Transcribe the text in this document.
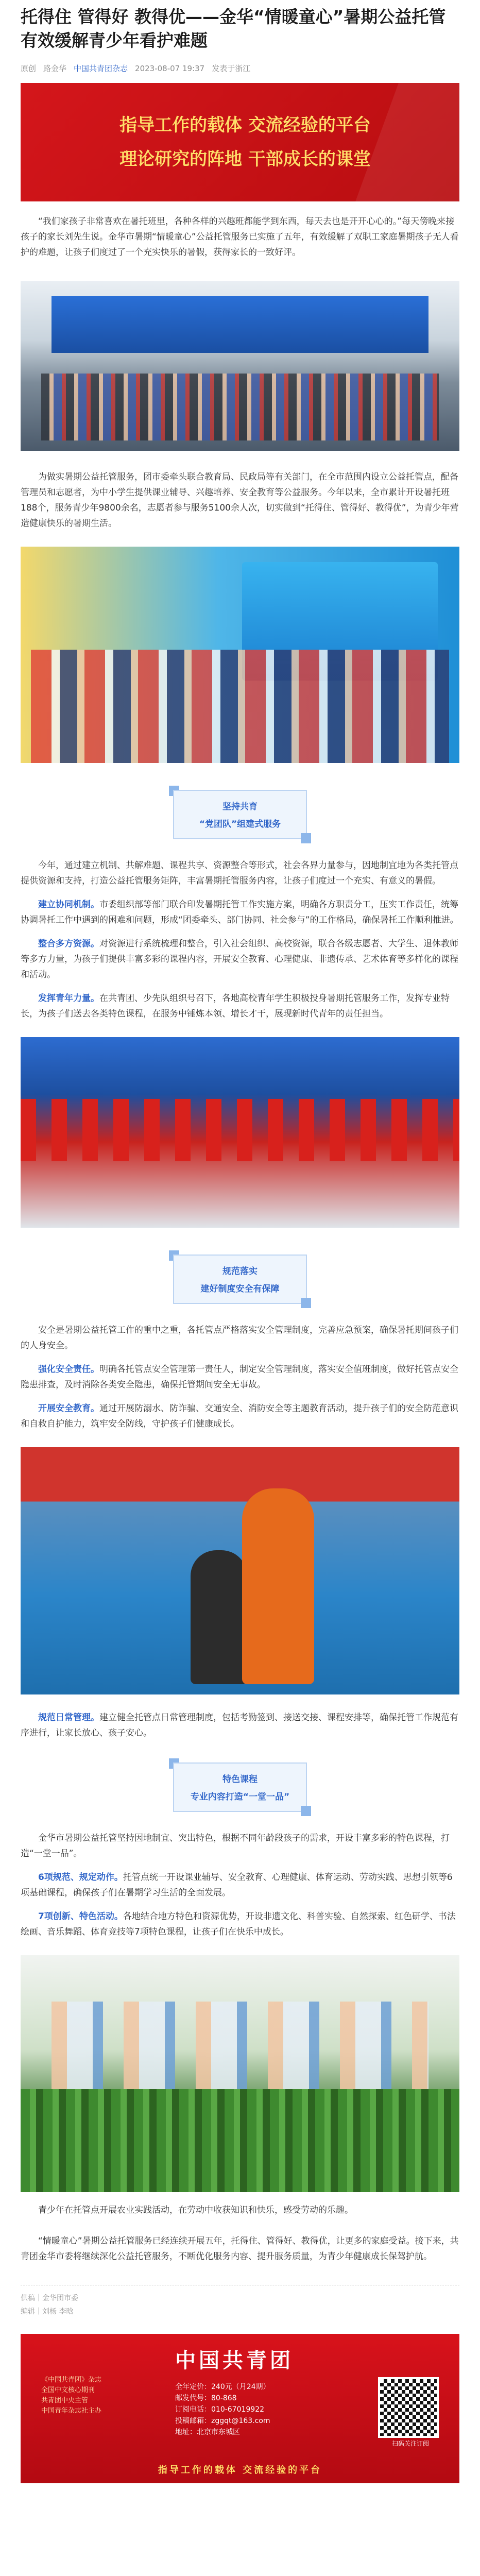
托得住 管得好 教得优——金华“情暖童心”暑期公益托管有效缓解青少年看护难题
原创 路金华 中国共青团杂志 2023-08-07 19:37 发表于浙江
指导工作的载体 交流经验的平台
理论研究的阵地 干部成长的课堂

“我们家孩子非常喜欢在暑托班里，各种各样的兴趣班都能学到东西，每天去也是开开心心的。”每天傍晚来接孩子的家长刘先生说。金华市暑期“情暖童心”公益托管服务已实施了五年，有效缓解了双职工家庭暑期孩子无人看护的难题，让孩子们度过了一个充实快乐的暑假，获得家长的一致好评。

为做实暑期公益托管服务，团市委牵头联合教育局、民政局等有关部门，在全市范围内设立公益托管点，配备管理员和志愿者，为中小学生提供课业辅导、兴趣培养、安全教育等公益服务。今年以来，全市累计开设暑托班188个，服务青少年9800余名，志愿者参与服务5100余人次，切实做到“托得住、管得好、教得优”，为青少年营造健康快乐的暑期生活。

坚持共育
“党团队”组建式服务

今年，通过建立机制、共解难题、课程共享、资源整合等形式，社会各界力量参与，因地制宜地为各类托管点提供资源和支持，打造公益托管服务矩阵，丰富暑期托管服务内容，让孩子们度过一个充实、有意义的暑假。

建立协同机制。市委组织部等部门联合印发暑期托管工作实施方案，明确各方职责分工，压实工作责任，统筹协调暑托工作中遇到的困难和问题，形成“团委牵头、部门协同、社会参与”的工作格局，确保暑托工作顺利推进。

整合多方资源。对资源进行系统梳理和整合，引入社会组织、高校资源，联合各级志愿者、大学生、退休教师等多方力量，为孩子们提供丰富多彩的课程内容，开展安全教育、心理健康、非遗传承、艺术体育等多样化的课程和活动。

发挥青年力量。在共青团、少先队组织号召下，各地高校青年学生积极投身暑期托管服务工作，发挥专业特长，为孩子们送去各类特色课程，在服务中锤炼本领、增长才干，展现新时代青年的责任担当。

规范落实
建好制度安全有保障

安全是暑期公益托管工作的重中之重，各托管点严格落实安全管理制度，完善应急预案，确保暑托期间孩子们的人身安全。

强化安全责任。明确各托管点安全管理第一责任人，制定安全管理制度，落实安全值班制度，做好托管点安全隐患排查，及时消除各类安全隐患，确保托管期间安全无事故。

开展安全教育。通过开展防溺水、防诈骗、交通安全、消防安全等主题教育活动，提升孩子们的安全防范意识和自救自护能力，筑牢安全防线，守护孩子们健康成长。

规范日常管理。建立健全托管点日常管理制度，包括考勤签到、接送交接、课程安排等，确保托管工作规范有序进行，让家长放心、孩子安心。

特色课程
专业内容打造“一堂一品”

金华市暑期公益托管坚持因地制宜、突出特色，根据不同年龄段孩子的需求，开设丰富多彩的特色课程，打造“一堂一品”。

6项规范、规定动作。托管点统一开设课业辅导、安全教育、心理健康、体育运动、劳动实践、思想引领等6项基础课程，确保孩子们在暑期学习生活的全面发展。

7项创新、特色活动。各地结合地方特色和资源优势，开设非遗文化、科普实验、自然探索、红色研学、书法绘画、音乐舞蹈、体育竞技等7项特色课程，让孩子们在快乐中成长。

青少年在托管点开展农业实践活动，在劳动中收获知识和快乐，感受劳动的乐趣。

“情暖童心”暑期公益托管服务已经连续开展五年，托得住、管得好、教得优，让更多的家庭受益。接下来，共青团金华市委将继续深化公益托管服务，不断优化服务内容、提升服务质量，为青少年健康成长保驾护航。

供稿｜金华团市委
编辑｜刘杨 李晗
中国共青团
《中国共青团》杂志
全国中文核心期刊
共青团中央主管
中国青年杂志社主办
全年定价：240元（月24期）
邮发代号：80-868
订阅电话：010-67019922
投稿邮箱：zggqt@163.com
地址：北京市东城区
扫码关注订阅
指导工作的载体 交流经验的平台
